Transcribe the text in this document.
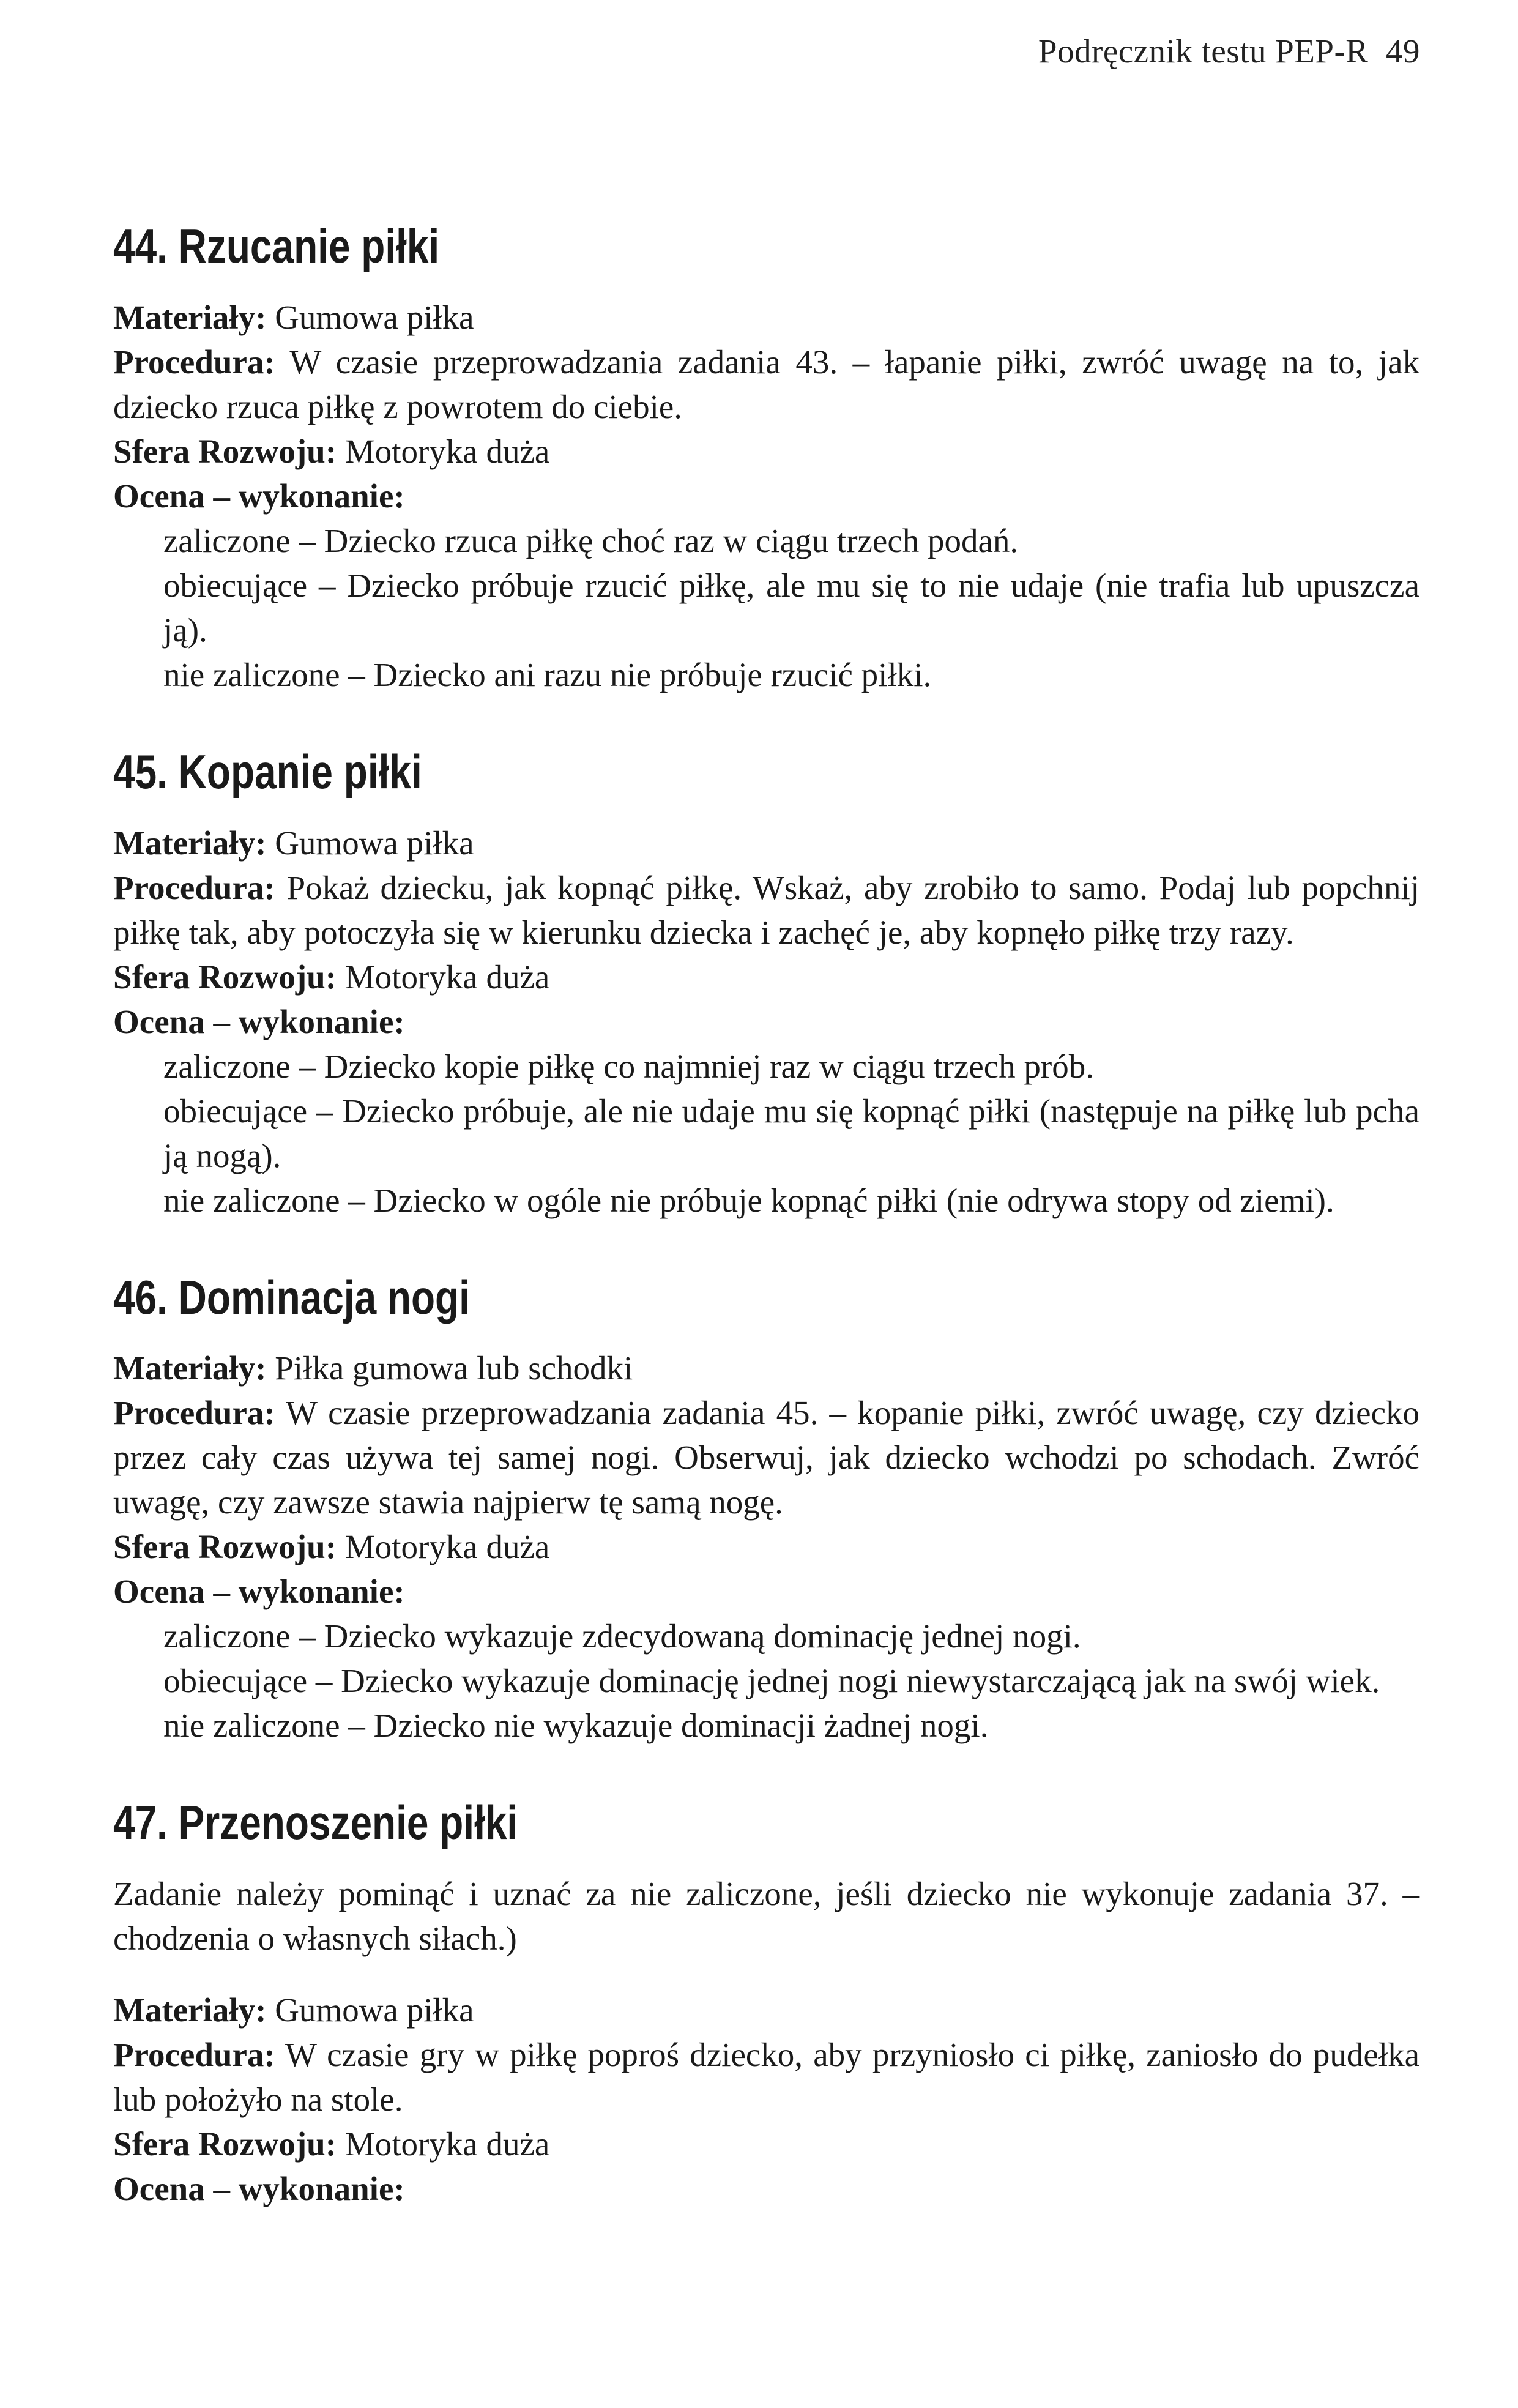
Podręcznik testu PEP-R 49
44. Rzucanie piłki
Materiały: Gumowa piłka
Procedura: W czasie przeprowadzania zadania 43. – łapanie piłki, zwróć uwagę na to, jak dziecko rzuca piłkę z powrotem do ciebie.
Sfera Rozwoju: Motoryka duża
Ocena – wykonanie:
zaliczone – Dziecko rzuca piłkę choć raz w ciągu trzech podań.
obiecujące – Dziecko próbuje rzucić piłkę, ale mu się to nie udaje (nie trafia lub upuszcza ją).
nie zaliczone – Dziecko ani razu nie próbuje rzucić piłki.
45. Kopanie piłki
Materiały: Gumowa piłka
Procedura: Pokaż dziecku, jak kopnąć piłkę. Wskaż, aby zrobiło to samo. Podaj lub popchnij piłkę tak, aby potoczyła się w kierunku dziecka i zachęć je, aby kopnęło piłkę trzy razy.
Sfera Rozwoju: Motoryka duża
Ocena – wykonanie:
zaliczone – Dziecko kopie piłkę co najmniej raz w ciągu trzech prób.
obiecujące – Dziecko próbuje, ale nie udaje mu się kopnąć piłki (następuje na piłkę lub pcha ją nogą).
nie zaliczone – Dziecko w ogóle nie próbuje kopnąć piłki (nie odrywa stopy od ziemi).
46. Dominacja nogi
Materiały: Piłka gumowa lub schodki
Procedura: W czasie przeprowadzania zadania 45. – kopanie piłki, zwróć uwagę, czy dziecko przez cały czas używa tej samej nogi. Obserwuj, jak dziecko wchodzi po schodach. Zwróć uwagę, czy zawsze stawia najpierw tę samą nogę.
Sfera Rozwoju: Motoryka duża
Ocena – wykonanie:
zaliczone – Dziecko wykazuje zdecydowaną dominację jednej nogi.
obiecujące – Dziecko wykazuje dominację jednej nogi niewystarczającą jak na swój wiek.
nie zaliczone – Dziecko nie wykazuje dominacji żadnej nogi.
47. Przenoszenie piłki
Zadanie należy pominąć i uznać za nie zaliczone, jeśli dziecko nie wykonuje zadania 37. – chodzenia o własnych siłach.)
Materiały: Gumowa piłka
Procedura: W czasie gry w piłkę poproś dziecko, aby przyniosło ci piłkę, zaniosło do pudełka lub położyło na stole.
Sfera Rozwoju: Motoryka duża
Ocena – wykonanie:
